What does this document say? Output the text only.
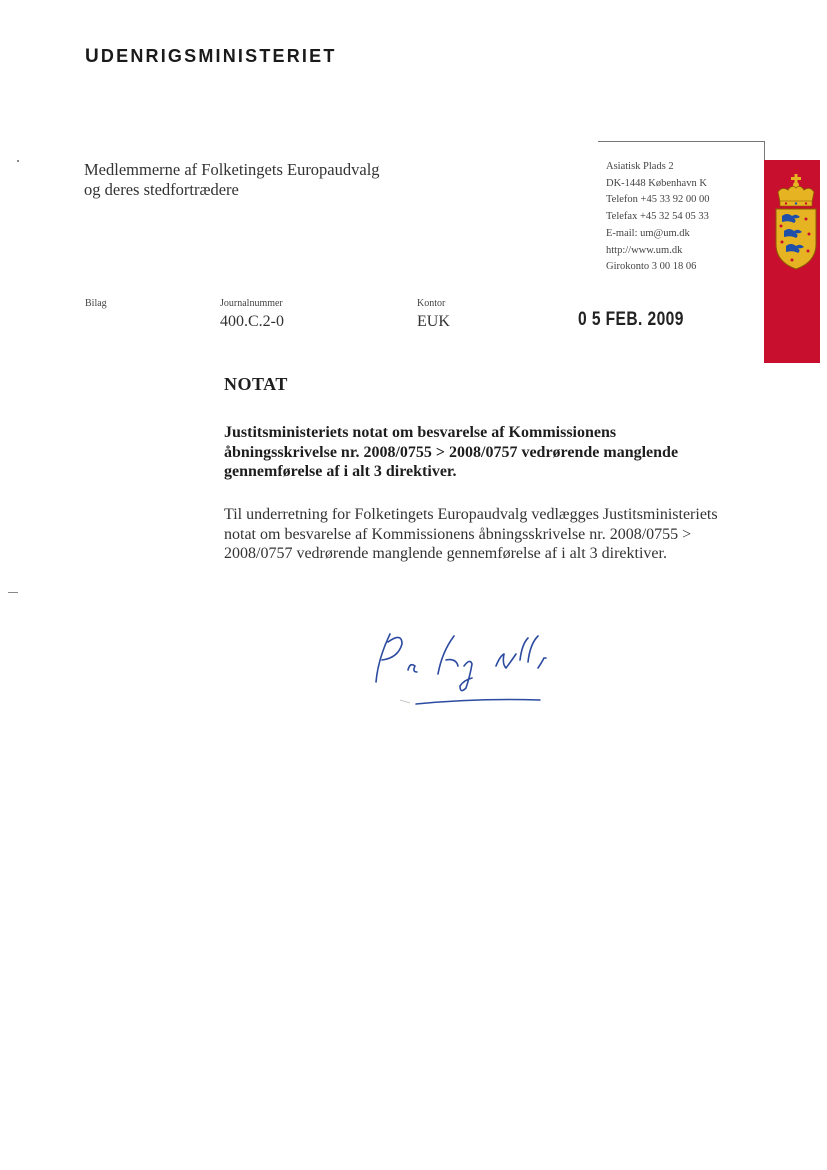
UDENRIGSMINISTERIET
Medlemmerne af Folketingets Europaudvalg
og deres stedfortrædere
Asiatisk Plads 2
DK-1448 København K
Telefon +45 33 92 00 00
Telefax +45 32 54 05 33
E-mail: um@um.dk
http://www.um.dk
Girokonto 3 00 18 06
Bilag	Journalnummer
400.C.2-0
Kontor
EUK	0 5 FEB. 2009
NOTAT
Justitsministeriets notat om besvarelse af Kommissionens åbningsskrivelse nr. 2008/0755 > 2008/0757 vedrørende manglende gennemførelse af i alt 3 direktiver.
Til underretning for Folketingets Europaudvalg vedlægges Justitsministeriets notat om besvarelse af Kommissionens åbningsskrivelse nr. 2008/0755 > 2008/0757 vedrørende manglende gennemførelse af i alt 3 direktiver.
